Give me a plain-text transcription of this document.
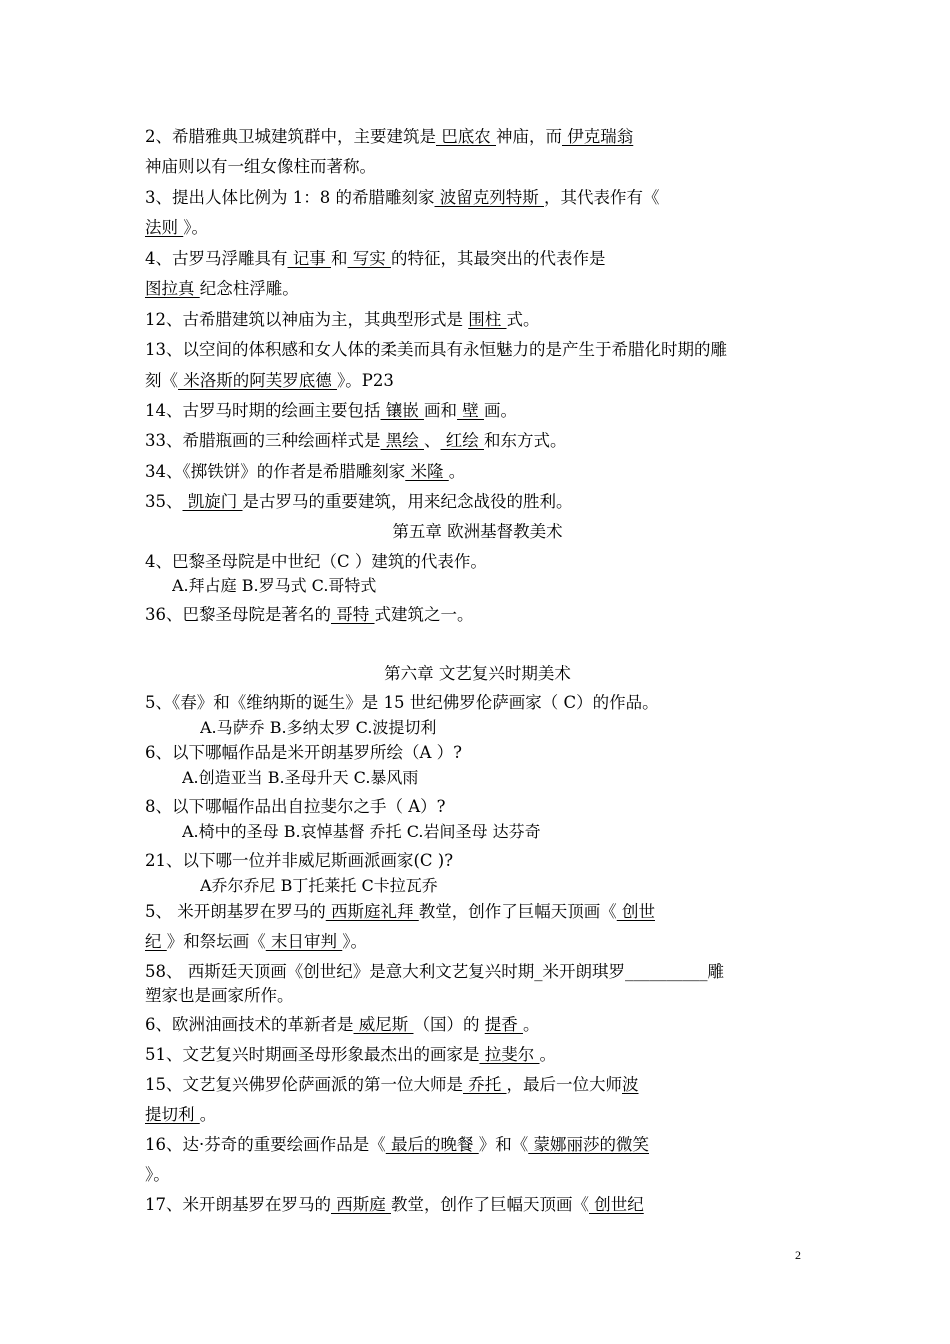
2、希腊雅典卫城建筑群中，主要建筑是 巴底农 神庙，而 伊克瑞翁
神庙则以有一组女像柱而著称。
3、提出人体比例为 1：8 的希腊雕刻家 波留克列特斯 ，其代表作有《
法则 》。
4、古罗马浮雕具有 记事 和 写实 的特征，其最突出的代表作是
图拉真 纪念柱浮雕。
12、古希腊建筑以神庙为主，其典型形式是 围柱 式。
13、以空间的体积感和女人体的柔美而具有永恒魅力的是产生于希腊化时期的雕
刻《 米洛斯的阿芙罗底德 》。P23
14、古罗马时期的绘画主要包括 镶嵌 画和 壁 画。
33、希腊瓶画的三种绘画样式是 黑绘 、 红绘 和东方式。
34、《掷铁饼》的作者是希腊雕刻家 米隆 。
35、 凯旋门 是古罗马的重要建筑，用来纪念战役的胜利。
第五章 欧洲基督教美术
4、巴黎圣母院是中世纪（C ）建筑的代表作。
A.拜占庭 B.罗马式 C.哥特式
36、巴黎圣母院是著名的 哥特 式建筑之一。
第六章 文艺复兴时期美术
5、《春》和《维纳斯的诞生》是 15 世纪佛罗伦萨画家（ C）的作品。
A.马萨乔 B.多纳太罗 C.波提切利
6、以下哪幅作品是米开朗基罗所绘（A ）?
A.创造亚当 B.圣母升天 C.暴风雨
8、以下哪幅作品出自拉斐尔之手（ A）?
A.椅中的圣母 B.哀悼基督 乔托 C.岩间圣母 达芬奇
21、以下哪一位并非威尼斯画派画家(C )?
A乔尔乔尼 B丁托莱托 C卡拉瓦乔
5、 米开朗基罗在罗马的 西斯庭礼拜 教堂，创作了巨幅天顶画《 创世
纪 》和祭坛画《 末日审判 》。
58、 西斯廷天顶画《创世纪》是意大利文艺复兴时期_米开朗琪罗__________雕
塑家也是画家所作。
6、欧洲油画技术的革新者是 威尼斯 （国）的 提香 。
51、文艺复兴时期画圣母形象最杰出的画家是 拉斐尔 。
15、文艺复兴佛罗伦萨画派的第一位大师是 乔托 ，最后一位大师波
提切利 。
16、达·芬奇的重要绘画作品是《 最后的晚餐 》和《 蒙娜丽莎的微笑
》。
17、米开朗基罗在罗马的 西斯庭 教堂，创作了巨幅天顶画《 创世纪
2
